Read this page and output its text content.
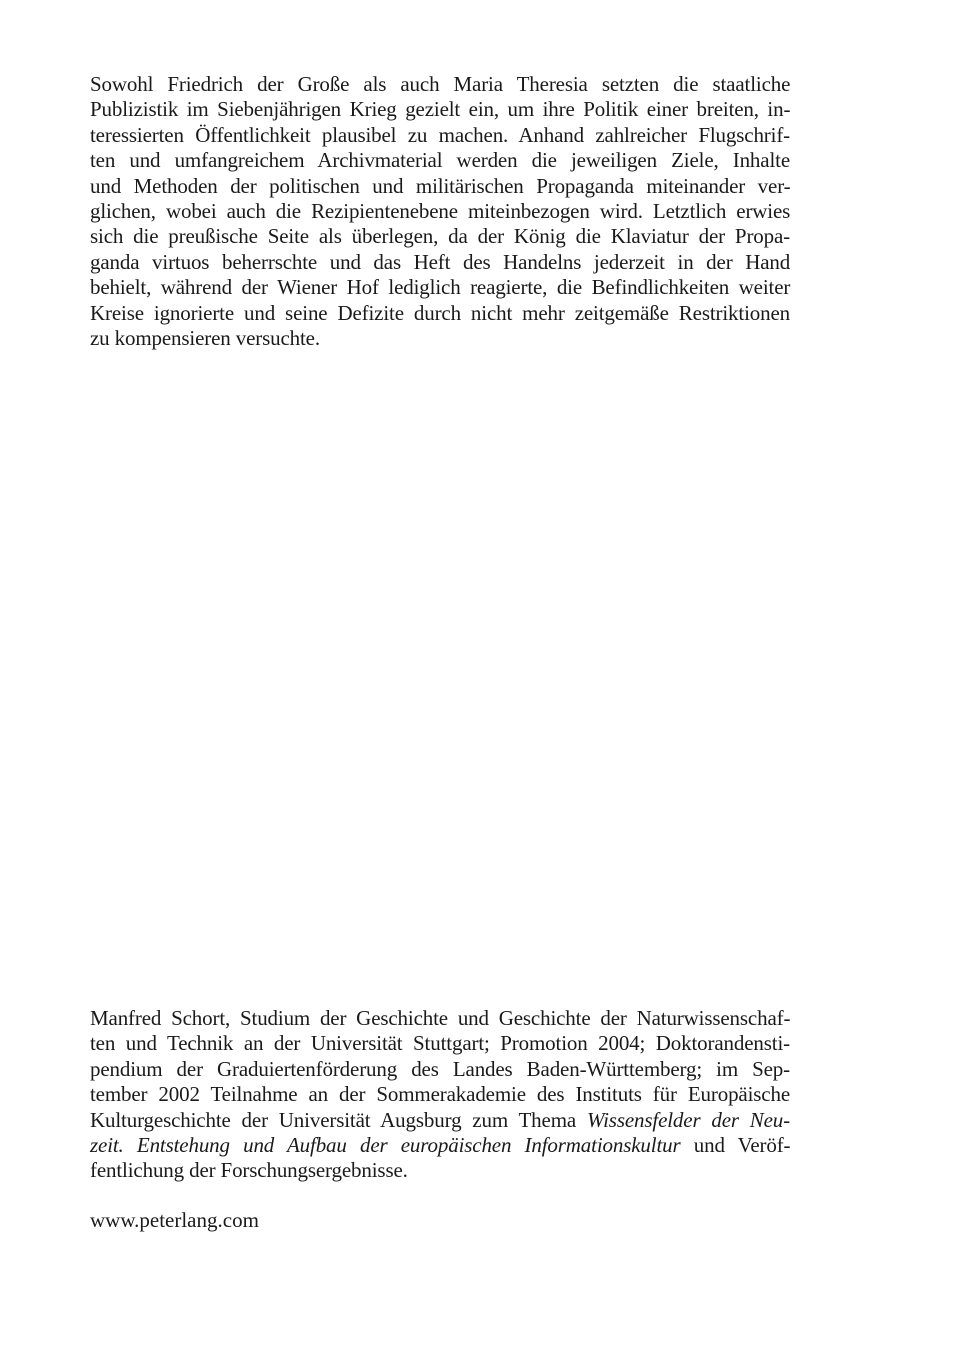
Sowohl Friedrich der Große als auch Maria Theresia setzten die staatliche
Publizistik im Siebenjährigen Krieg gezielt ein, um ihre Politik einer breiten, in-
teressierten Öffentlichkeit plausibel zu machen. Anhand zahlreicher Flugschrif-
ten und umfangreichem Archivmaterial werden die jeweiligen Ziele, Inhalte
und Methoden der politischen und militärischen Propaganda miteinander ver-
glichen, wobei auch die Rezipientenebene miteinbezogen wird. Letztlich erwies
sich die preußische Seite als überlegen, da der König die Klaviatur der Propa-
ganda virtuos beherrschte und das Heft des Handelns jederzeit in der Hand
behielt, während der Wiener Hof lediglich reagierte, die Befindlichkeiten weiter
Kreise ignorierte und seine Defizite durch nicht mehr zeitgemäße Restriktionen
zu kompensieren versuchte.
Manfred Schort, Studium der Geschichte und Geschichte der Naturwissenschaf-
ten und Technik an der Universität Stuttgart; Promotion 2004; Doktorandensti-
pendium der Graduiertenförderung des Landes Baden-Württemberg; im Sep-
tember 2002 Teilnahme an der Sommerakademie des Instituts für Europäische
Kulturgeschichte der Universität Augsburg zum Thema Wissensfelder der Neu-
zeit. Entstehung und Aufbau der europäischen Informationskultur und Veröf-
fentlichung der Forschungsergebnisse.
www.peterlang.com
